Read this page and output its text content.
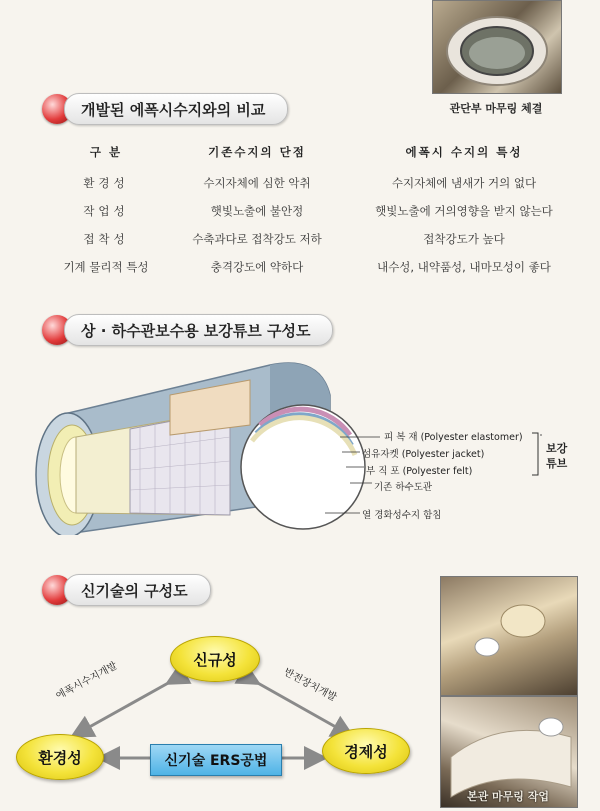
관단부 마무링 체결
개발된 에폭시수지와의 비교
구 분	기존수지의 단점	에폭시 수지의 특성
환경성	수지자체에 심한 악취	수지자체에 냄새가 거의 없다
작업성	햇빛노출에 불안정	햇빛노출에 거의영향을 받지 않는다
접착성	수축과다로 접착강도 저하	접착강도가 높다
기계 물리적 특성	충격강도에 약하다	내수성, 내약품성, 내마모성이 좋다
상 · 하수관보수용 보강튜브 구성도
피 복 재 (Polyester elastomer)
섬유자켓 (Polyester jacket)
부 직 포 (Polyester felt)
기존 하수도관
열 경화성수지 함침
보강
튜브
신기술의 구성도
신규성
환경성	경제성
신기술 ERS공법
에폭시수지개발	반전장치개발
본관 마무링 작업
